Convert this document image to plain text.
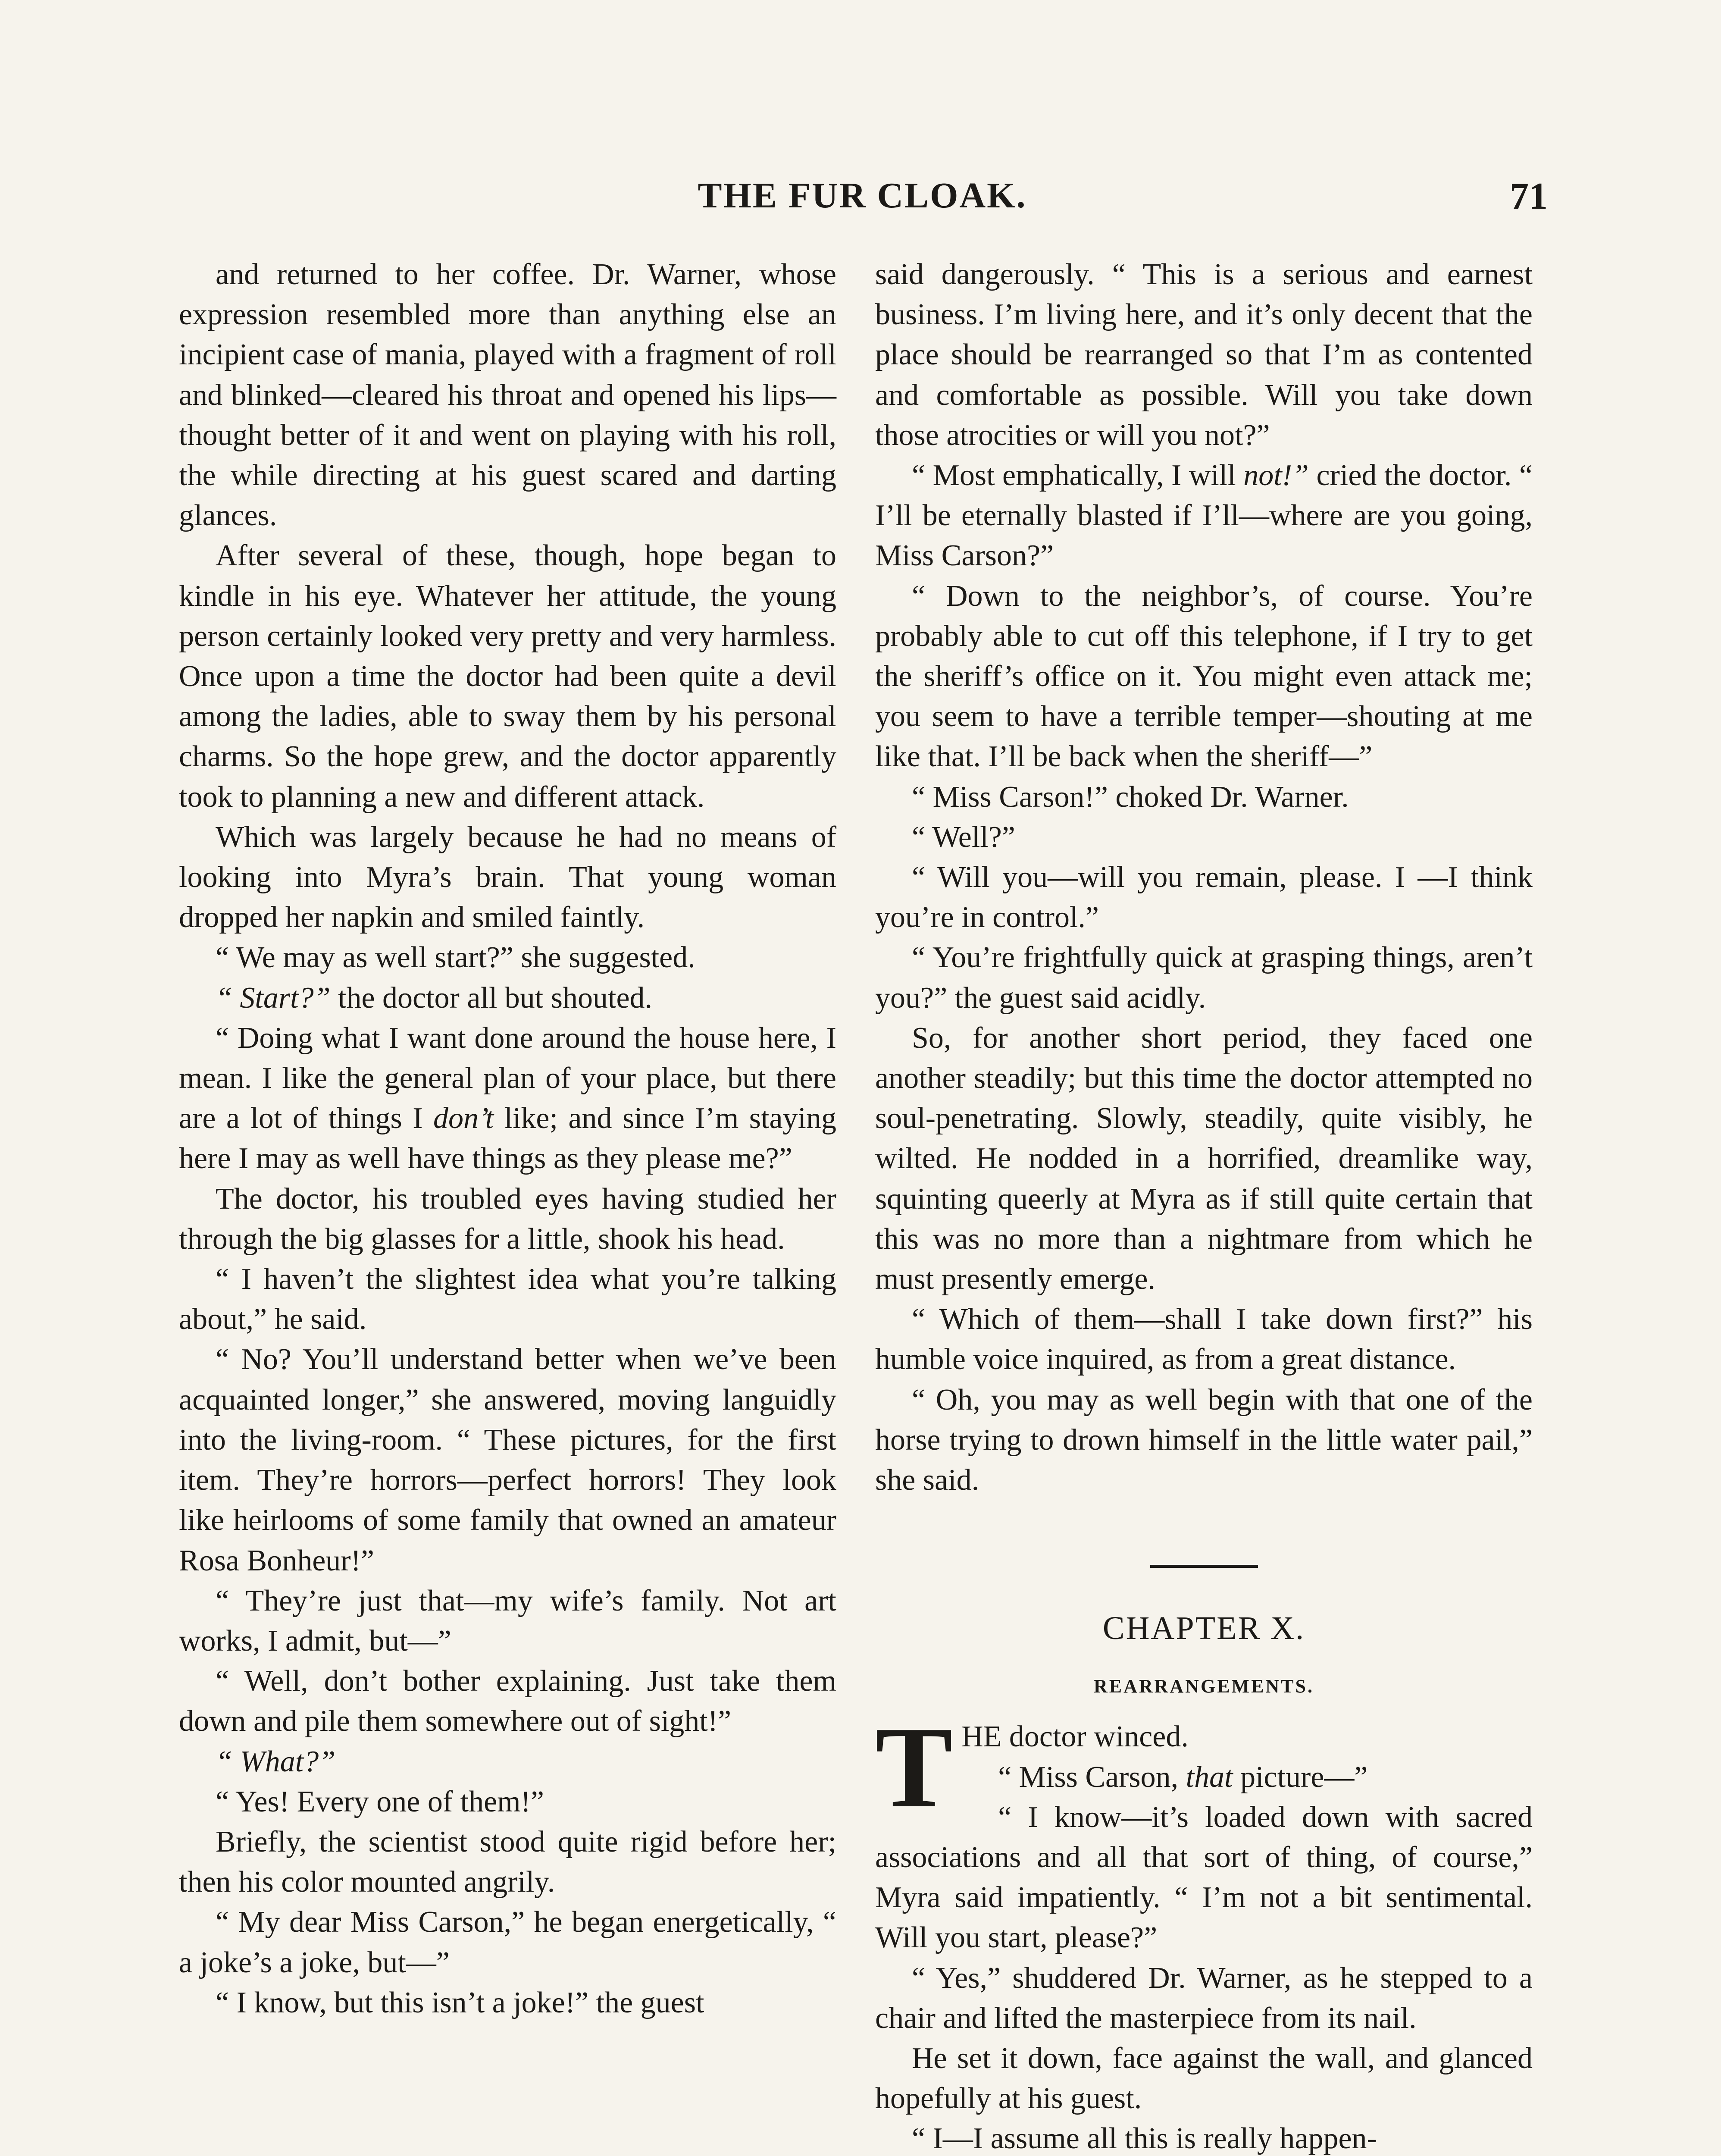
THE FUR CLOAK.	71

and returned to her coffee. Dr. Warner, whose expression resembled more than anything else an incipient case of mania, played with a fragment of roll and blinked—cleared his throat and opened his lips—thought better of it and went on playing with his roll, the while directing at his guest scared and darting glances.

After several of these, though, hope began to kindle in his eye. Whatever her attitude, the young person certainly looked very pretty and very harmless. Once upon a time the doctor had been quite a devil among the ladies, able to sway them by his personal charms. So the hope grew, and the doctor apparently took to planning a new and different attack.

Which was largely because he had no means of looking into Myra’s brain. That young woman dropped her napkin and smiled faintly.

“ We may as well start?” she suggested.

“ Start?” the doctor all but shouted.

“ Doing what I want done around the house here, I mean. I like the general plan of your place, but there are a lot of things I don’t like; and since I’m staying here I may as well have things as they please me?”

The doctor, his troubled eyes having studied her through the big glasses for a little, shook his head.

“ I haven’t the slightest idea what you’re talking about,” he said.

“ No? You’ll understand better when we’ve been acquainted longer,” she answered, moving languidly into the living-room. “ These pictures, for the first item. They’re horrors—perfect horrors! They look like heirlooms of some family that owned an amateur Rosa Bonheur!”

“ They’re just that—my wife’s family. Not art works, I admit, but—”

“ Well, don’t bother explaining. Just take them down and pile them somewhere out of sight!”

“ What?”

“ Yes! Every one of them!”

Briefly, the scientist stood quite rigid before her; then his color mounted angrily.

“ My dear Miss Carson,” he began energetically, “ a joke’s a joke, but—”

“ I know, but this isn’t a joke!” the guest

said dangerously. “ This is a serious and earnest business. I’m living here, and it’s only decent that the place should be rearranged so that I’m as contented and comfortable as possible. Will you take down those atrocities or will you not?”

“ Most emphatically, I will not!” cried the doctor. “ I’ll be eternally blasted if I’ll—where are you going, Miss Carson?”

“ Down to the neighbor’s, of course. You’re probably able to cut off this telephone, if I try to get the sheriff’s office on it. You might even attack me; you seem to have a terrible temper—shouting at me like that. I’ll be back when the sheriff—”

“ Miss Carson!” choked Dr. Warner.

“ Well?”

“ Will you—will you remain, please. I —I think you’re in control.”

“ You’re frightfully quick at grasping things, aren’t you?” the guest said acidly.

So, for another short period, they faced one another steadily; but this time the doctor attempted no soul-penetrating. Slowly, steadily, quite visibly, he wilted. He nodded in a horrified, dreamlike way, squinting queerly at Myra as if still quite certain that this was no more than a nightmare from which he must presently emerge.

“ Which of them—shall I take down first?” his humble voice inquired, as from a great distance.

“ Oh, you may as well begin with that one of the horse trying to drown himself in the little water pail,” she said.

CHAPTER X.
REARRANGEMENTS.

THE doctor winced.

“ Miss Carson, that picture—”

“ I know—it’s loaded down with sacred associations and all that sort of thing, of course,” Myra said impatiently. “ I’m not a bit sentimental. Will you start, please?”

“ Yes,” shuddered Dr. Warner, as he stepped to a chair and lifted the masterpiece from its nail.

He set it down, face against the wall, and glanced hopefully at his guest.

“ I—I assume all this is really happen-
